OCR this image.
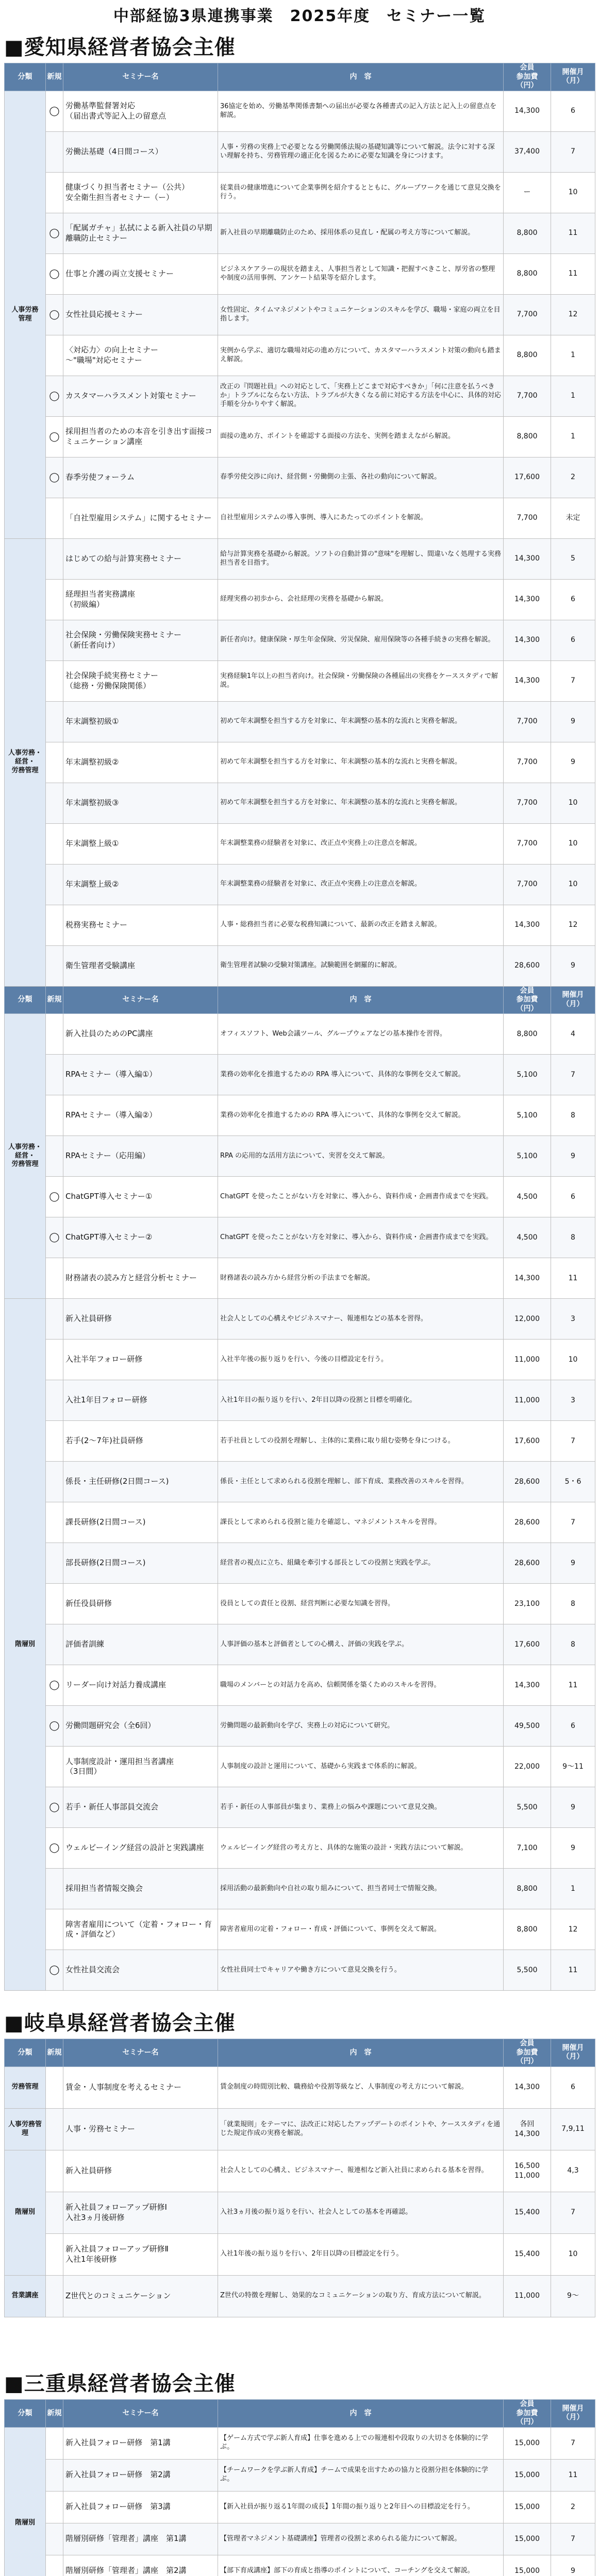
中部経協3県連携事業　2025年度　セミナー一覧
■愛知県経営者協会主催
分類	新規	セミナー名	内　容	会員
参加費
（円）	開催月
（月）
人事労務
管理	◯	労働基準監督署対応
（届出書式等記入上の留意点	36協定を始め、労働基準関係書類への届出が必要な各種書式の記入方法と記入上の留意点を解説。	14,300	6
		労働法基礎（4日間コース）	人事・労務の実務上で必要となる労働関係法規の基礎知識等について解説。法令に対する深い理解を持ち、労務管理の適正化を図るために必要な知識を身につけます。	37,400	7
		健康づくり担当者セミナー（公共）
安全衛生担当者セミナー（ー）	従業員の健康増進について企業事例を紹介するとともに、グループワークを通じて意見交換を行う。	ー	10
	◯	「配属ガチャ」払拭による新入社員の早期離職防止セミナー	新入社員の早期離職防止のため、採用体系の見直し・配属の考え方等について解説。	8,800	11
	◯	仕事と介護の両立支援セミナー	ビジネスケアラーの現状を踏まえ、人事担当者として知識・把握すべきこと、厚労省の整理や制度の活用事例、アンケート結果等を紹介します。	8,800	11
	◯	女性社員応援セミナー	女性固定、タイムマネジメントやコミュニケーションのスキルを学び、職場・家庭の両立を目指します。	7,700	12
		〈対応力〉の向上セミナー
〜"職場"対応セミナー	実例から学ぶ、適切な職場対応の進め方について、カスタマーハラスメント対策の動向も踏まえ解説。	8,800	1
	◯	カスタマーハラスメント対策セミナー	改正の『問題社員』への対応として、「実務上どこまで対応すべきか」「何に注意を払うべきか」トラブルにならない方法、トラブルが大きくなる前に対応する方法を中心に、具体的対応手順を分かりやすく解説。	7,700	1
	◯	採用担当者のための本音を引き出す面接コミュニケーション講座	面接の進め方、ポイントを確認する面接の方法を、実例を踏まえながら解説。	8,800	1
	◯	春季労使フォーラム	春季労使交渉に向け、経営側・労働側の主張、各社の動向について解説。	17,600	2
		「自社型雇用システム」に関するセミナー	自社型雇用システムの導入事例、導入にあたってのポイントを解説。	7,700	未定
人事労務・経営・
労務管理		はじめての給与計算実務セミナー	給与計算実務を基礎から解説。ソフトの自動計算の"意味"を理解し、間違いなく処理する実務担当者を目指す。	14,300	5
		経理担当者実務講座
（初級編）	経理実務の初歩から、会社経理の実務を基礎から解説。	14,300	6
		社会保険・労働保険実務セミナー
（新任者向け）	新任者向け。健康保険・厚生年金保険、労災保険、雇用保険等の各種手続きの実務を解説。	14,300	6
		社会保険手続実務セミナー
（総務・労働保険関係）	実務経験1年以上の担当者向け。社会保険・労働保険の各種届出の実務をケーススタディで解説。	14,300	7
		年末調整初級①	初めて年末調整を担当する方を対象に、年末調整の基本的な流れと実務を解説。	7,700	9
		年末調整初級②	初めて年末調整を担当する方を対象に、年末調整の基本的な流れと実務を解説。	7,700	9
		年末調整初級③	初めて年末調整を担当する方を対象に、年末調整の基本的な流れと実務を解説。	7,700	10
		年末調整上級①	年末調整業務の経験者を対象に、改正点や実務上の注意点を解説。	7,700	10
		年末調整上級②	年末調整業務の経験者を対象に、改正点や実務上の注意点を解説。	7,700	10
		税務実務セミナー	人事・総務担当者に必要な税務知識について、最新の改正を踏まえ解説。	14,300	12
		衛生管理者受験講座	衛生管理者試験の受験対策講座。試験範囲を網羅的に解説。	28,600	9
分類	新規	セミナー名	内　容	会員
参加費
（円）	開催月
（月）
人事労務・経営・
労務管理		新入社員のためのPC講座	オフィスソフト、Web会議ツール、グループウェアなどの基本操作を習得。	8,800	4
		RPAセミナー（導入編①）	業務の効率化を推進するための RPA 導入について、具体的な事例を交えて解説。	5,100	7
		RPAセミナー（導入編②）	業務の効率化を推進するための RPA 導入について、具体的な事例を交えて解説。	5,100	8
		RPAセミナー（応用編）	RPA の応用的な活用方法について、実習を交えて解説。	5,100	9
	◯	ChatGPT導入セミナー①	ChatGPT を使ったことがない方を対象に、導入から、資料作成・企画書作成までを実践。	4,500	6
	◯	ChatGPT導入セミナー②	ChatGPT を使ったことがない方を対象に、導入から、資料作成・企画書作成までを実践。	4,500	8
		財務諸表の読み方と経営分析セミナー	財務諸表の読み方から経営分析の手法までを解説。	14,300	11
階層別		新入社員研修	社会人としての心構えやビジネスマナー、報連相などの基本を習得。	12,000	3
		入社半年フォロー研修	入社半年後の振り返りを行い、今後の目標設定を行う。	11,000	10
		入社1年目フォロー研修	入社1年目の振り返りを行い、2年目以降の役割と目標を明確化。	11,000	3
		若手(2〜7年)社員研修	若手社員としての役割を理解し、主体的に業務に取り組む姿勢を身につける。	17,600	7
		係長・主任研修(2日間コース)	係長・主任として求められる役割を理解し、部下育成、業務改善のスキルを習得。	28,600	5・6
		課長研修(2日間コース)	課長として求められる役割と能力を確認し、マネジメントスキルを習得。	28,600	7
		部長研修(2日間コース)	経営者の視点に立ち、組織を牽引する部長としての役割と実践を学ぶ。	28,600	9
		新任役員研修	役員としての責任と役割、経営判断に必要な知識を習得。	23,100	8
		評価者訓練	人事評価の基本と評価者としての心構え、評価の実践を学ぶ。	17,600	8
	◯	リーダー向け対話力養成講座	職場のメンバーとの対話力を高め、信頼関係を築くためのスキルを習得。	14,300	11
	◯	労働問題研究会（全6回）	労働問題の最新動向を学び、実務上の対応について研究。	49,500	6
		人事制度設計・運用担当者講座
（3日間）	人事制度の設計と運用について、基礎から実践まで体系的に解説。	22,000	9〜11
	◯	若手・新任人事部員交流会	若手・新任の人事部員が集まり、業務上の悩みや課題について意見交換。	5,500	9
	◯	ウェルビーイング経営の設計と実践講座	ウェルビーイング経営の考え方と、具体的な施策の設計・実践方法について解説。	7,100	9
		採用担当者情報交換会	採用活動の最新動向や自社の取り組みについて、担当者同士で情報交換。	8,800	1
		障害者雇用について（定着・フォロー・育成・評価など）	障害者雇用の定着・フォロー・育成・評価について、事例を交えて解説。	8,800	12
	◯	女性社員交流会	女性社員同士でキャリアや働き方について意見交換を行う。	5,500	11
■岐阜県経営者協会主催
分類	新規	セミナー名	内　容	会員
参加費
（円）	開催月
（月）
労務管理		賃金・人事制度を考えるセミナー	賃金制度の時間別比較、職務給や役割等級など、人事制度の考え方について解説。	14,300	6
人事労務管理		人事・労務セミナー	「就業規則」をテーマに、法改正に対応したアップデートのポイントや、ケーススタディを通じた規定作成の実務を解説。	各回
14,300	7,9,11
階層別		新入社員研修	社会人としての心構え、ビジネスマナー、報連相など新入社員に求められる基本を習得。	16,500
11,000	4,3
		新入社員フォローアップ研修Ⅰ
入社3ヵ月後研修	入社3ヵ月後の振り返りを行い、社会人としての基本を再確認。	15,400	7
		新入社員フォローアップ研修Ⅱ
入社1年後研修	入社1年後の振り返りを行い、2年目以降の目標設定を行う。	15,400	10
営業講座		Z世代とのコミュニケーション	Z世代の特徴を理解し、効果的なコミュニケーションの取り方、育成方法について解説。	11,000	9〜
■三重県経営者協会主催
分類	新規	セミナー名	内　容	会員
参加費
（円）	開催月
（月）
階層別		新入社員フォロー研修　第1講	【ゲーム方式で学ぶ新人育成】仕事を進める上での報連相や段取りの大切さを体験的に学ぶ。	15,000	7
		新入社員フォロー研修　第2講	【チームワークを学ぶ新人育成】チームで成果を出すための協力と役割分担を体験的に学ぶ。	15,000	11
		新入社員フォロー研修　第3講	【新入社員が振り返る1年間の成長】1年間の振り返りと2年目への目標設定を行う。	15,000	2
		階層別研修「管理者」講座　第1講	【管理者マネジメント基礎講座】管理者の役割と求められる能力について解説。	15,000	7
		階層別研修「管理者」講座　第2講	【部下育成講座】部下の育成と指導のポイントについて、コーチングを交えて解説。	15,000	9
